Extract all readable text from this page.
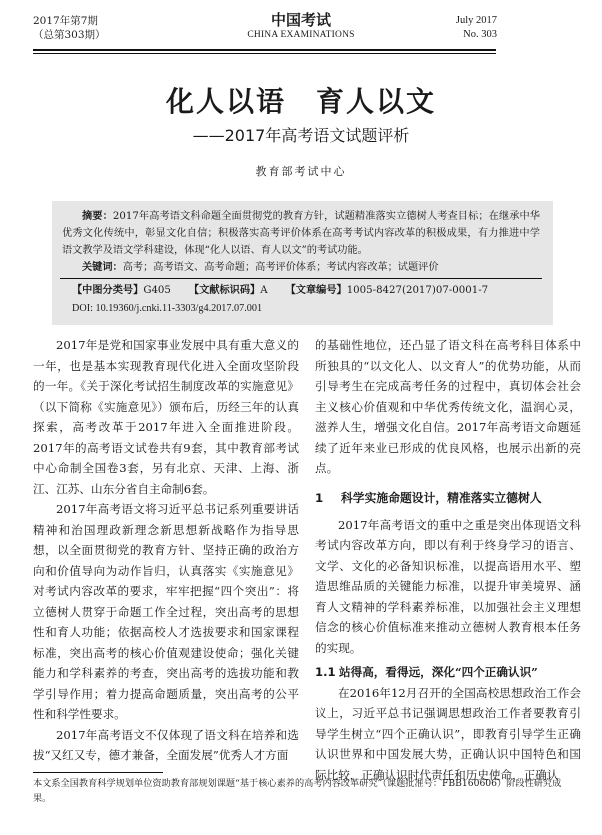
2017年第7期
（总第303期）
中国考试
CHINA EXAMINATIONS
July 2017
No. 303
化人以语 育人以文
——2017年高考语文试题评析
教育部考试中心
摘要：2017年高考语文科命题全面贯彻党的教育方针，试题精准落实立德树人考查目标；在继承中华优秀文化传统中，彰显文化自信；积极落实高考评价体系在高考考试内容改革的积极成果，有力推进中学语文教学及语文学科建设，体现“化人以语、育人以文”的考试功能。
关键词：高考；高考语文、高考命题；高考评价体系；考试内容改革；试题评价
【中图分类号】G405 【文献标识码】A 【文章编号】1005-8427(2017)07-0001-7
DOI: 10.19360/j.cnki.11-3303/g4.2017.07.001

2017年是党和国家事业发展中具有重大意义的一年，也是基本实现教育现代化进入全面攻坚阶段的一年。《关于深化考试招生制度改革的实施意见》（以下简称《实施意见》）颁布后，历经三年的认真探索，高考改革于2017年进入全面推进阶段。2017年的高考语文试卷共有9套，其中教育部考试中心命制全国卷3套，另有北京、天津、上海、浙江、江苏、山东分省自主命制6套。

2017年高考语文将习近平总书记系列重要讲话精神和治国理政新理念新思想新战略作为指导思想，以全面贯彻党的教育方针、坚持正确的政治方向和价值导向为动作旨归，认真落实《实施意见》对考试内容改革的要求，牢牢把握“四个突出”：将立德树人贯穿于命题工作全过程，突出高考的思想性和育人功能；依据高校人才选拔要求和国家课程标准，突出高考的核心价值观建设使命；强化关键能力和学科素养的考查，突出高考的选拔功能和教学引导作用；着力提高命题质量，突出高考的公平性和科学性要求。

2017年高考语文不仅体现了语文科在培养和选拔“又红又专，德才兼备，全面发展”优秀人才方面

的基础性地位，还凸显了语文科在高考科目体系中所独具的“以文化人、以文育人”的优势功能，从而引导考生在完成高考任务的过程中，真切体会社会主义核心价值观和中华优秀传统文化，温润心灵，滋养人生，增强文化自信。2017年高考语文命题延续了近年来业已形成的优良风格，也展示出新的亮点。

1 科学实施命题设计，精准落实立德树人

2017年高考语文的重中之重是突出体现语文科考试内容改革方向，即以有利于终身学习的语言、文学、文化的必备知识标准，以提高语用水平、塑造思维品质的关键能力标准，以提升审美境界、涵育人文精神的学科素养标准，以加强社会主义理想信念的核心价值标准来推动立德树人教育根本任务的实现。

1.1 站得高，看得远，深化“四个正确认识”

在2016年12月召开的全国高校思想政治工作会议上，习近平总书记强调思想政治工作者要教育引导学生树立“四个正确认识”，即教育引导学生正确认识世界和中国发展大势，正确认识中国特色和国际比较，正确认识时代责任和历史使命，正确认

本文系全国教育科学规划单位资助教育部规划课题“基于核心素养的高考内容改革研究”（课题批准号：FBB160606）阶段性研究成果。
